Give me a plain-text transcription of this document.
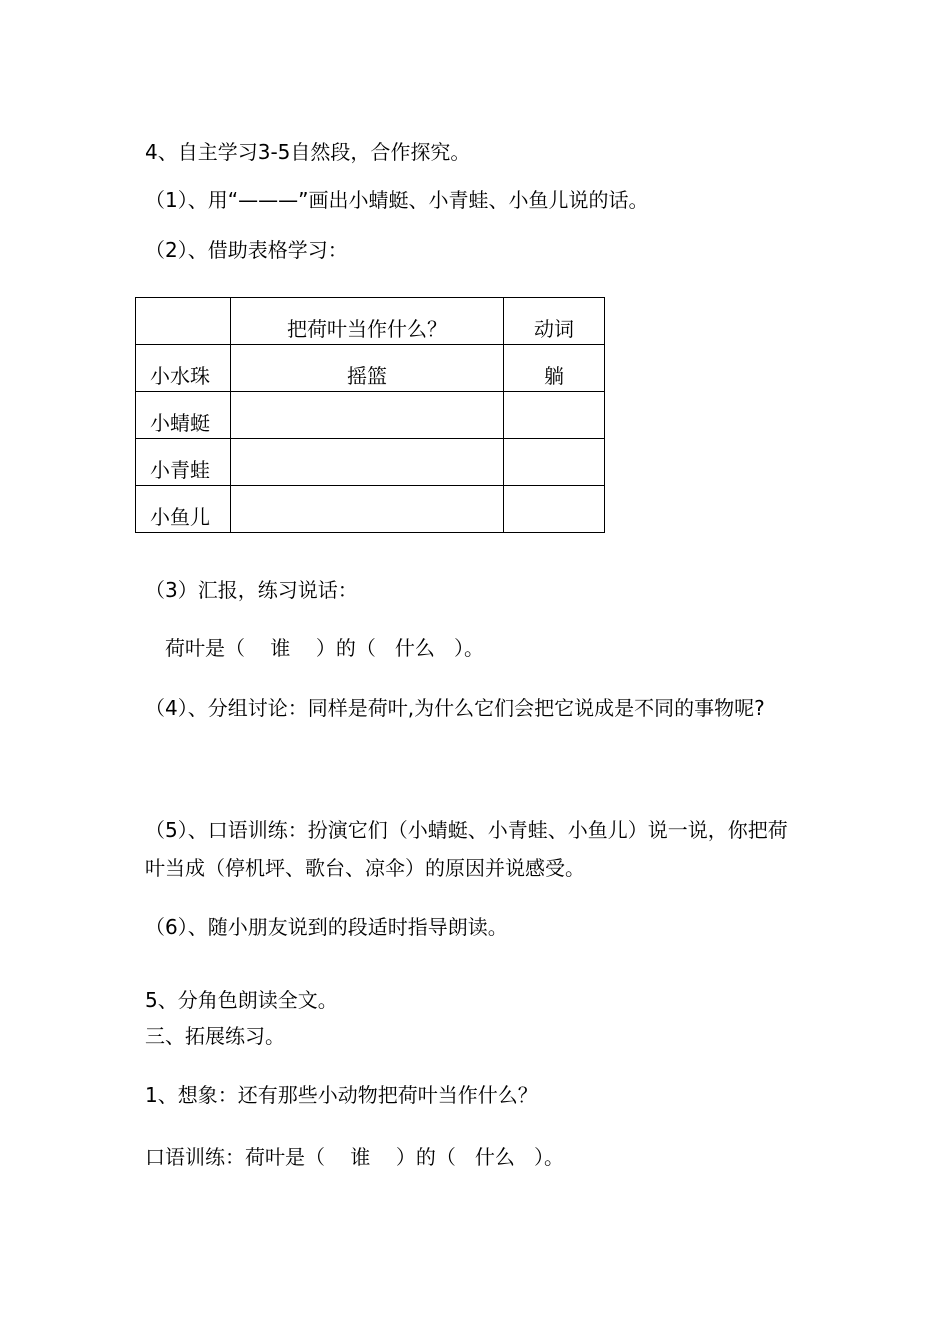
4、自主学习3-5自然段，合作探究。
（1）、用“———”画出小蜻蜓、小青蛙、小鱼儿说的话。
（2）、借助表格学习：
	把荷叶当作什么？	动词
小水珠	摇篮	躺
小蜻蜓		
小青蛙		
小鱼儿		
（3）汇报，练习说话：
荷叶是（    谁    ）的（   什么   ）。
（4）、分组讨论：同样是荷叶,为什么它们会把它说成是不同的事物呢?
（5）、口语训练：扮演它们（小蜻蜓、小青蛙、小鱼儿）说一说，你把荷
叶当成（停机坪、歌台、凉伞）的原因并说感受。
（6）、随小朋友说到的段适时指导朗读。
5、分角色朗读全文。
三、拓展练习。
1、想象：还有那些小动物把荷叶当作什么？
口语训练：荷叶是（    谁    ）的（   什么   ）。
